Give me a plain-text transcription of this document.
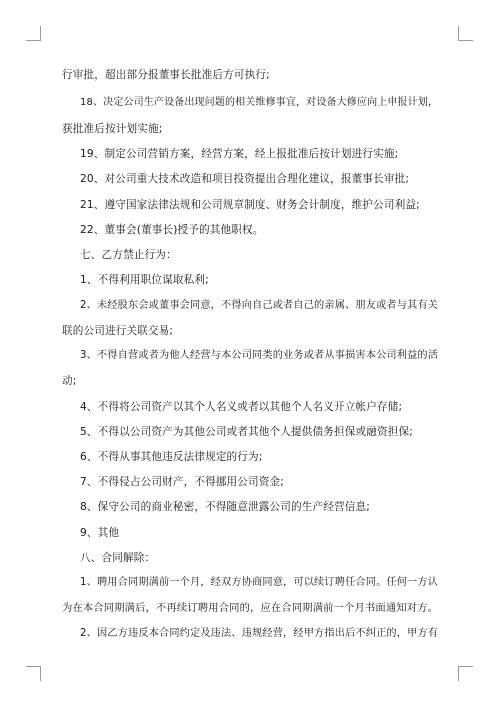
行审批，超出部分报董事长批准后方可执行;
18、决定公司生产设备出现问题的相关维修事宜，对设备大修应向上申报计划，
获批准后按计划实施;
19、制定公司营销方案，经营方案，经上报批准后按计划进行实施;
20、对公司重大技术改造和项目投资提出合理化建议，报董事长审批;
21、遵守国家法律法规和公司规章制度、财务会计制度，维护公司利益;
22、董事会(董事长)授予的其他职权。
七、乙方禁止行为：
1、不得利用职位谋取私利;
2、未经股东会或董事会同意，不得向自己或者自己的亲属、朋友或者与其有关
联的公司进行关联交易;
3、不得自营或者为他人经营与本公司同类的业务或者从事损害本公司利益的活
动;
4、不得将公司资产以其个人名义或者以其他个人名义开立帐户存储;
5、不得以公司资产为其他公司或者其他个人提供债务担保或融资担保;
6、不得从事其他违反法律规定的行为;
7、不得侵占公司财产，不得挪用公司资金;
8、保守公司的商业秘密，不得随意泄露公司的生产经营信息;
9、其他
八、合同解除：
1、聘用合同期满前一个月，经双方协商同意，可以续订聘任合同。任何一方认
为在本合同期满后，不再续订聘用合同的，应在合同期满前一个月书面通知对方。
2、因乙方违反本合同约定及违法、违规经营，经甲方指出后不纠正的，甲方有
